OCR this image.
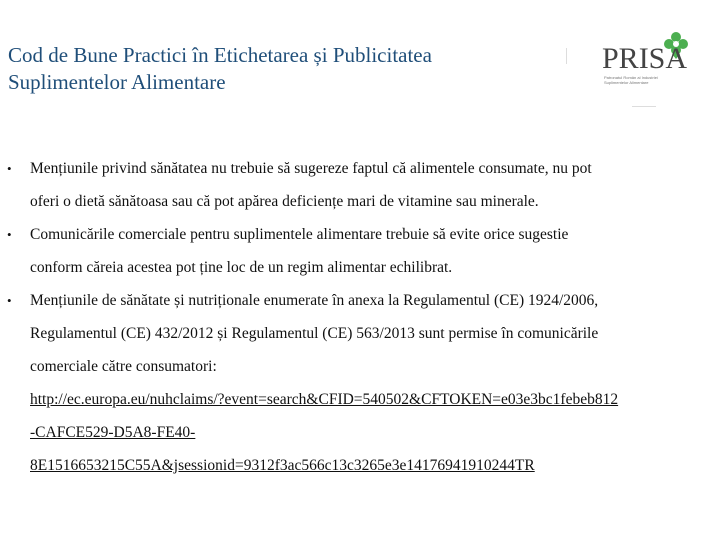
Cod de Bune Practici în Etichetarea și Publicitatea
Suplimentelor Alimentare
PRISA
Patronatul Român al Industriei
Suplimentelor Alimentare
• Mențiunile privind sănătatea nu trebuie să sugereze faptul că alimentele consumate, nu pot
oferi o dietă sănătoasa sau că pot apărea deficiențe mari de vitamine sau minerale.
• Comunicările comerciale pentru suplimentele alimentare trebuie să evite orice sugestie
conform căreia acestea pot ține loc de un regim alimentar echilibrat.
• Mențiunile de sănătate și nutriționale enumerate în anexa la Regulamentul (CE) 1924/2006,
Regulamentul (CE) 432/2012 și Regulamentul (CE) 563/2013 sunt permise în comunicările
comerciale către consumatori:
http://ec.europa.eu/nuhclaims/?event=search&CFID=540502&CFTOKEN=e03e3bc1febeb812
-CAFCE529-D5A8-FE40-
8E1516653215C55A&jsessionid=9312f3ac566c13c3265e3e14176941910244TR
